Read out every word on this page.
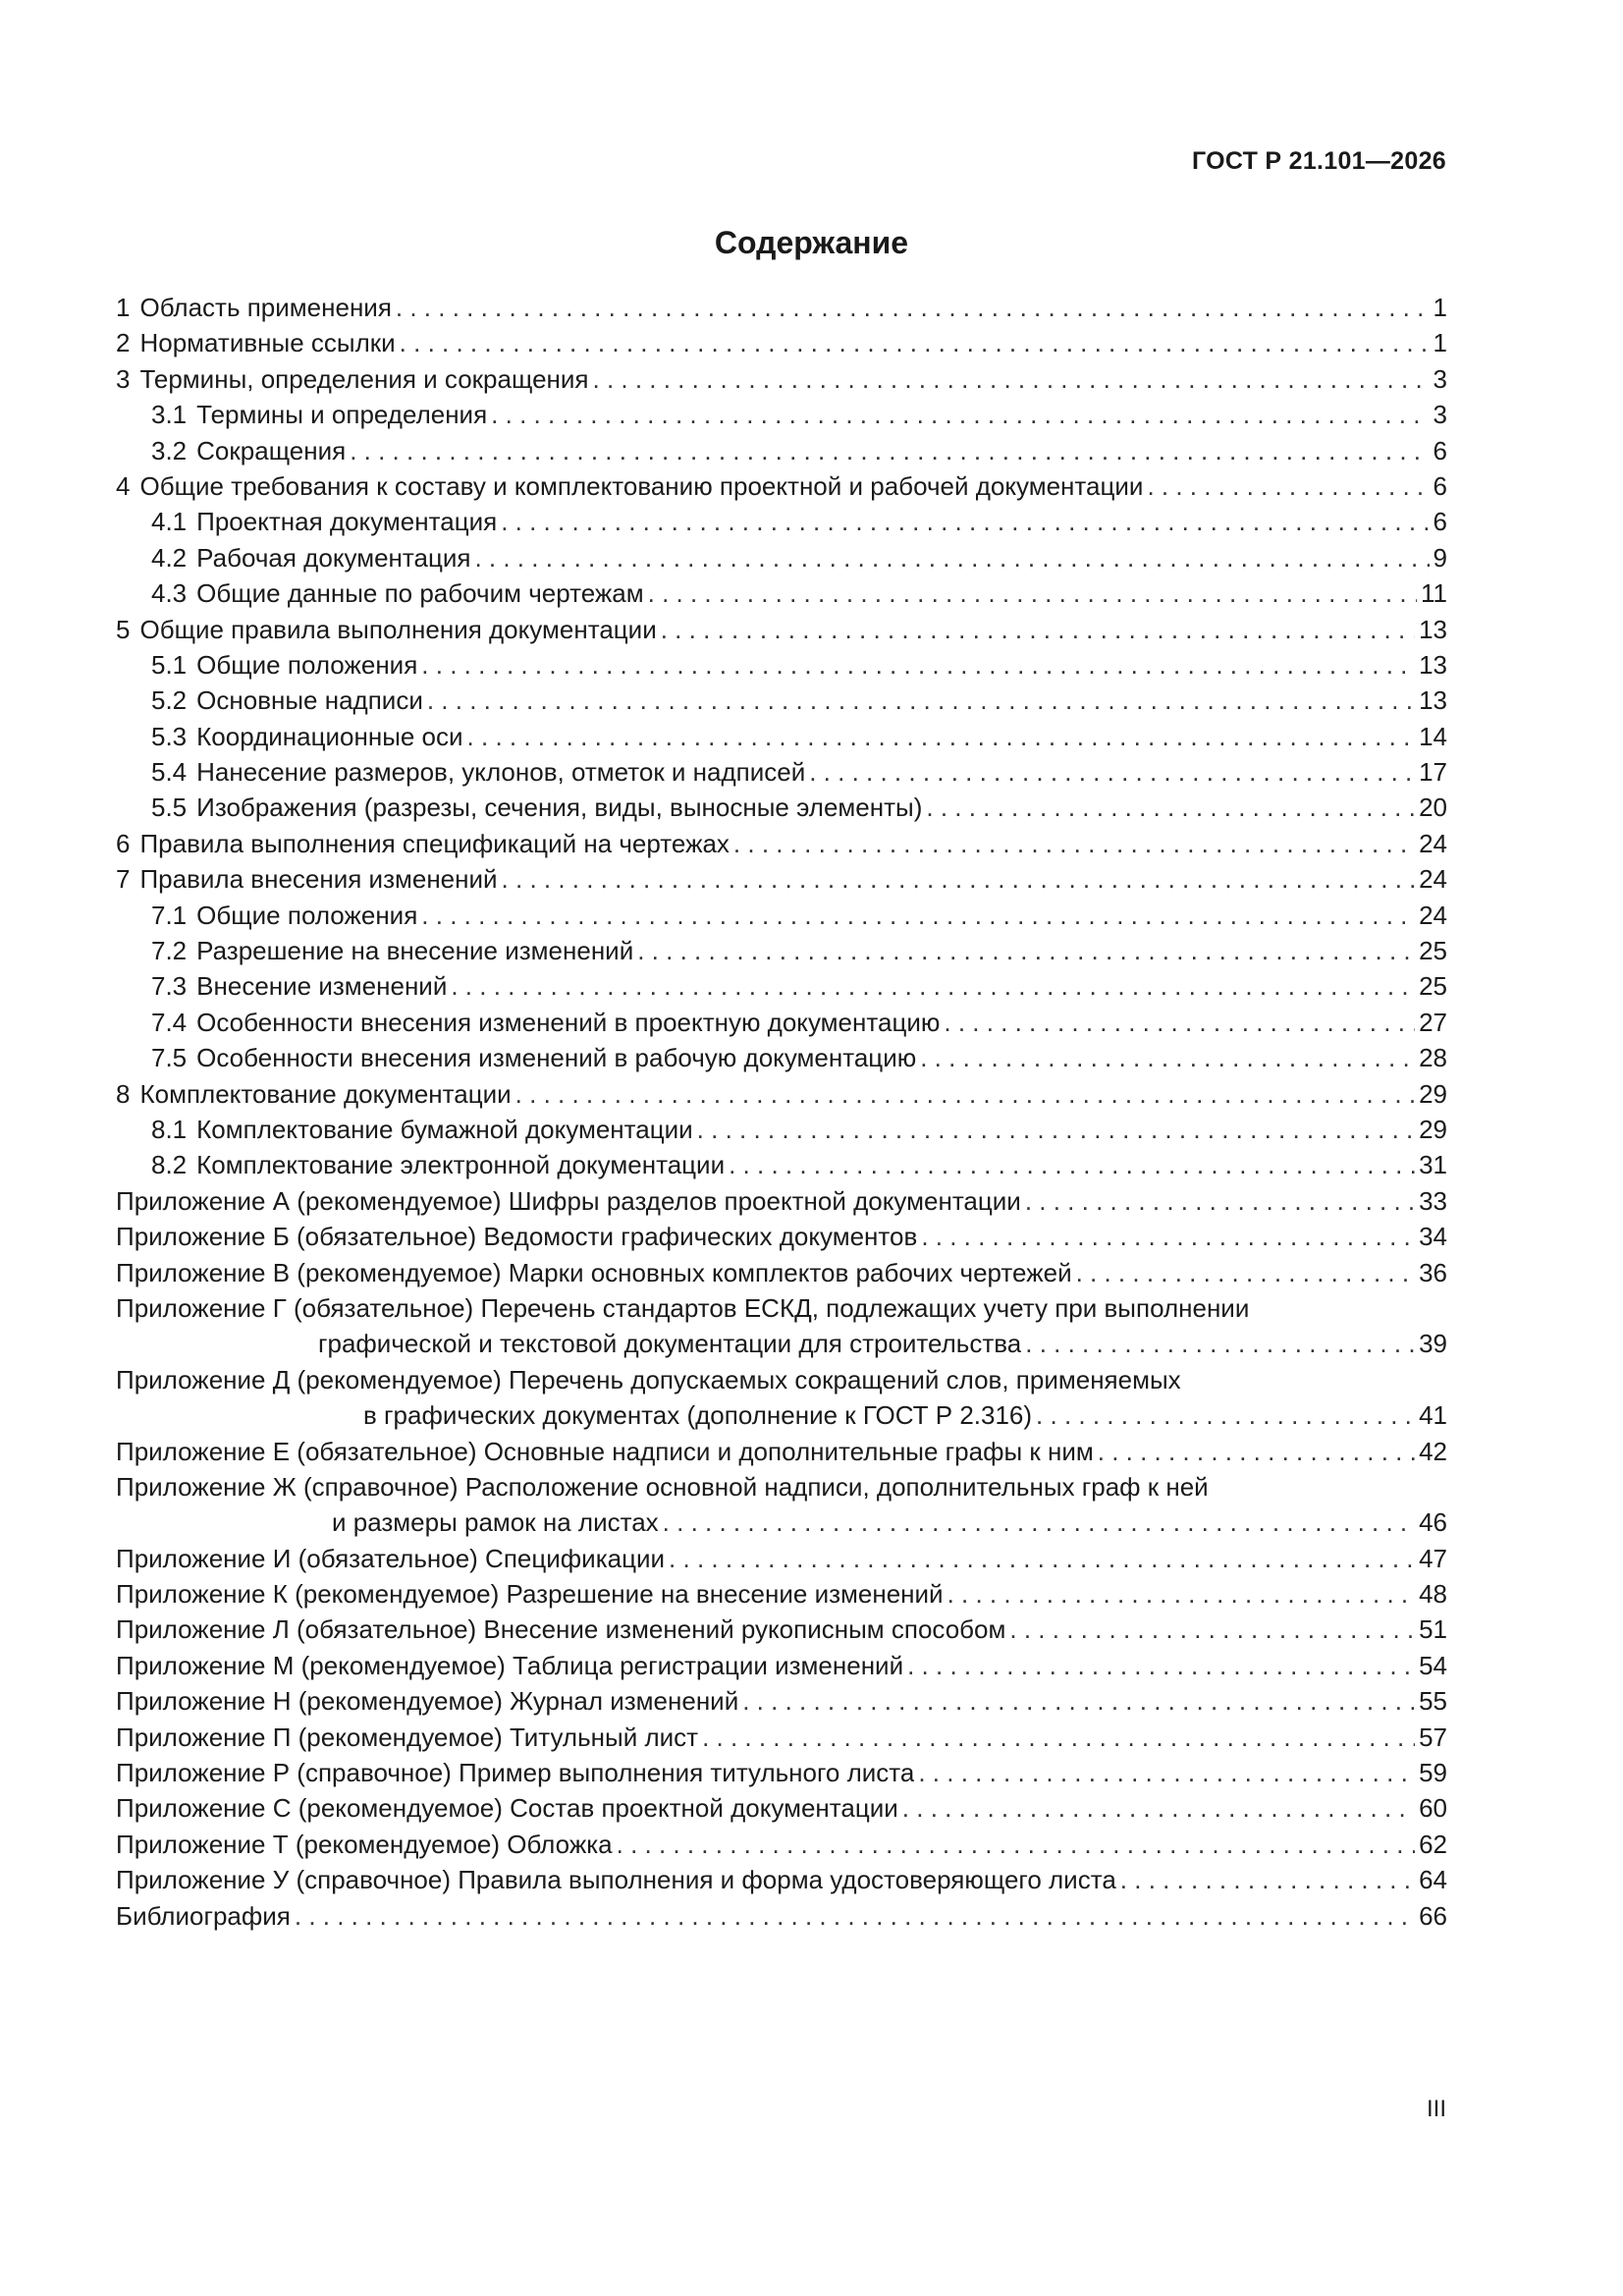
ГОСТ Р 21.101—2026
Содержание
1 Область применения . . .	1
2 Нормативные ссылки . . .	1
3 Термины, определения и сокращения . . .	3
3.1 Термины и определения . . .	3
3.2 Сокращения . . .	6
4 Общие требования к составу и комплектованию проектной и рабочей документации . . .	6
4.1 Проектная документация . . .	6
4.2 Рабочая документация . . .	9
4.3 Общие данные по рабочим чертежам . . .	11
5 Общие правила выполнения документации . . .	13
5.1 Общие положения . . .	13
5.2 Основные надписи . . .	13
5.3 Координационные оси . . .	14
5.4 Нанесение размеров, уклонов, отметок и надписей . . .	17
5.5 Изображения (разрезы, сечения, виды, выносные элементы) . . .	20
6 Правила выполнения спецификаций на чертежах . . .	24
7 Правила внесения изменений . . .	24
7.1 Общие положения . . .	24
7.2 Разрешение на внесение изменений . . .	25
7.3 Внесение изменений . . .	25
7.4 Особенности внесения изменений в проектную документацию . . .	27
7.5 Особенности внесения изменений в рабочую документацию . . .	28
8 Комплектование документации . . .	29
8.1 Комплектование бумажной документации . . .	29
8.2 Комплектование электронной документации . . .	31
Приложение А (рекомендуемое) Шифры разделов проектной документации . . .	33
Приложение Б (обязательное) Ведомости графических документов . . .	34
Приложение В (рекомендуемое) Марки основных комплектов рабочих чертежей . . .	36
Приложение Г (обязательное) Перечень стандартов ЕСКД, подлежащих учету при выполнении
графической и текстовой документации для строительства . . .	39
Приложение Д (рекомендуемое) Перечень допускаемых сокращений слов, применяемых
в графических документах (дополнение к ГОСТ Р 2.316) . . .	41
Приложение Е (обязательное) Основные надписи и дополнительные графы к ним . . .	42
Приложение Ж (справочное) Расположение основной надписи, дополнительных граф к ней
и размеры рамок на листах . . .	46
Приложение И (обязательное) Спецификации . . .	47
Приложение К (рекомендуемое) Разрешение на внесение изменений . . .	48
Приложение Л (обязательное) Внесение изменений рукописным способом . . .	51
Приложение М (рекомендуемое) Таблица регистрации изменений . . .	54
Приложение Н (рекомендуемое) Журнал изменений . . .	55
Приложение П (рекомендуемое) Титульный лист . . .	57
Приложение Р (справочное) Пример выполнения титульного листа . . .	59
Приложение С (рекомендуемое) Состав проектной документации . . .	60
Приложение Т (рекомендуемое) Обложка . . .	62
Приложение У (справочное) Правила выполнения и форма удостоверяющего листа . . .	64
Библиография . . .	66
III
